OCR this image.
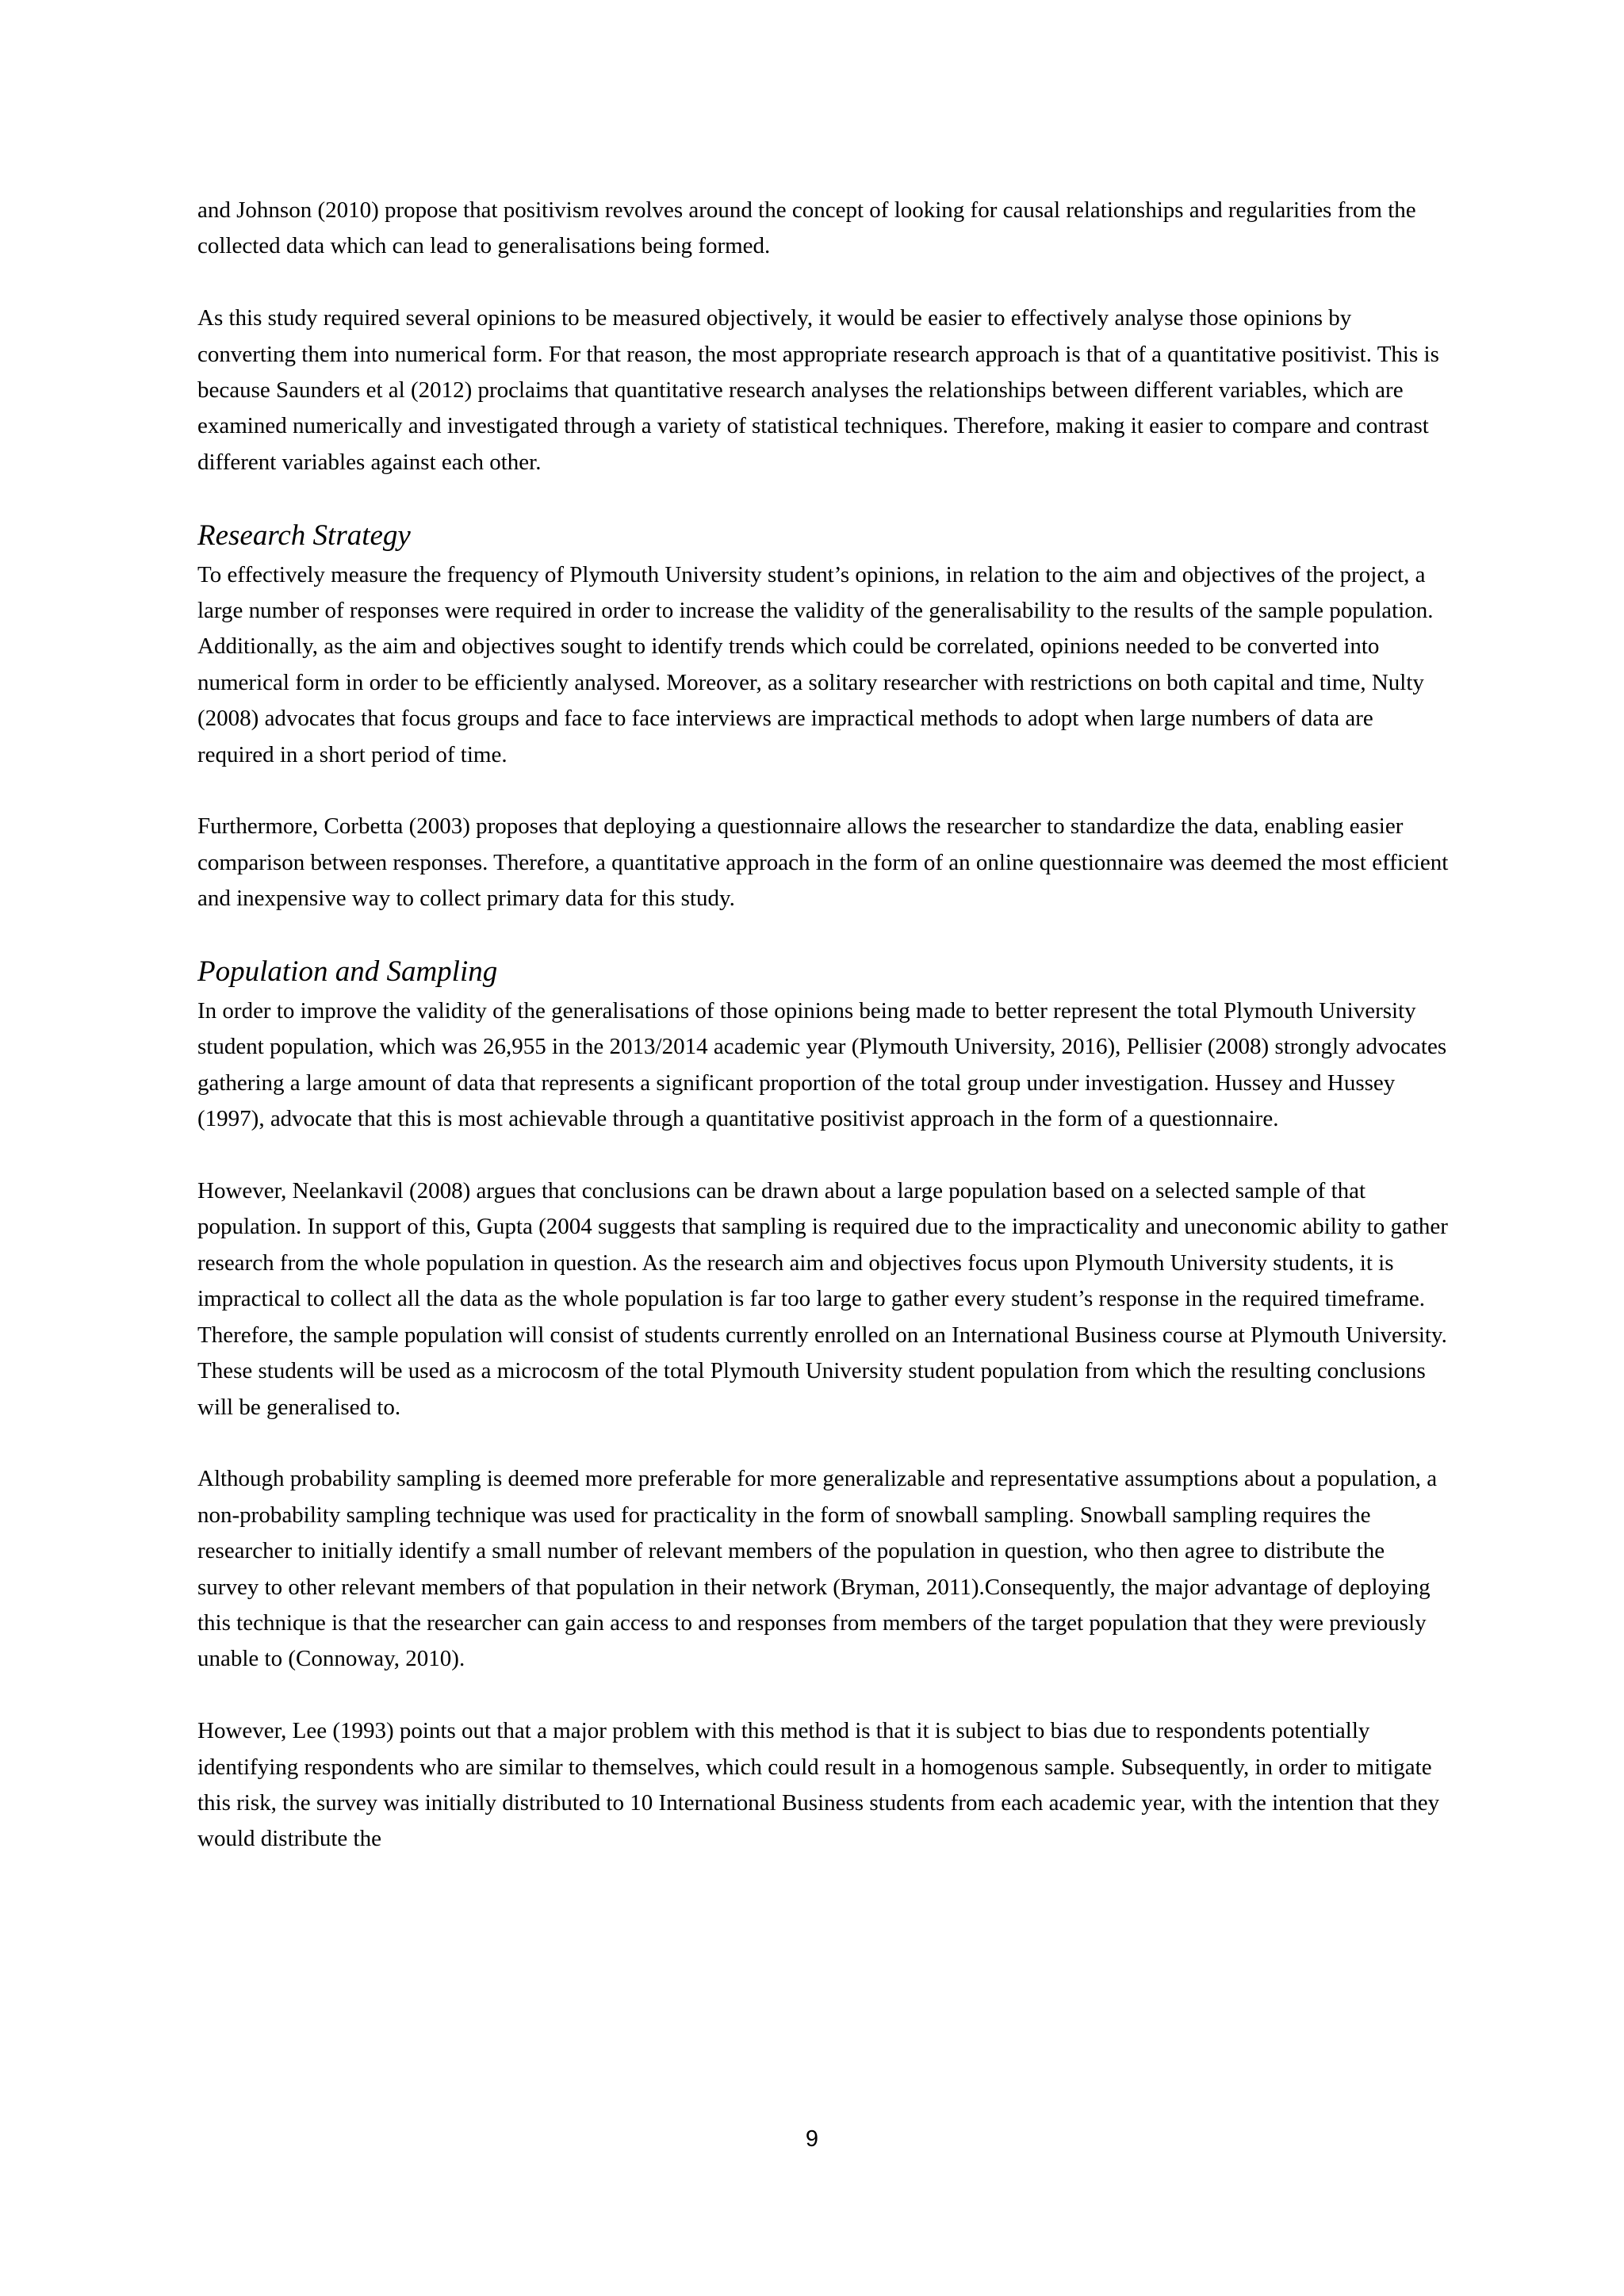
and Johnson (2010) propose that positivism revolves around the concept of looking for causal relationships and regularities from the collected data which can lead to generalisations being formed.

As this study required several opinions to be measured objectively, it would be easier to effectively analyse those opinions by converting them into numerical form. For that reason, the most appropriate research approach is that of a quantitative positivist. This is because Saunders et al (2012) proclaims that quantitative research analyses the relationships between different variables, which are examined numerically and investigated through a variety of statistical techniques. Therefore, making it easier to compare and contrast different variables against each other.

Research Strategy

To effectively measure the frequency of Plymouth University student’s opinions, in relation to the aim and objectives of the project, a large number of responses were required in order to increase the validity of the generalisability to the results of the sample population. Additionally, as the aim and objectives sought to identify trends which could be correlated, opinions needed to be converted into numerical form in order to be efficiently analysed. Moreover, as a solitary researcher with restrictions on both capital and time, Nulty (2008) advocates that focus groups and face to face interviews are impractical methods to adopt when large numbers of data are required in a short period of time.

Furthermore, Corbetta (2003) proposes that deploying a questionnaire allows the researcher to standardize the data, enabling easier comparison between responses. Therefore, a quantitative approach in the form of an online questionnaire was deemed the most efficient and inexpensive way to collect primary data for this study.

Population and Sampling

In order to improve the validity of the generalisations of those opinions being made to better represent the total Plymouth University student population, which was 26,955 in the 2013/2014 academic year (Plymouth University, 2016), Pellisier (2008) strongly advocates gathering a large amount of data that represents a significant proportion of the total group under investigation. Hussey and Hussey (1997), advocate that this is most achievable through a quantitative positivist approach in the form of a questionnaire.

However, Neelankavil (2008) argues that conclusions can be drawn about a large population based on a selected sample of that population. In support of this, Gupta (2004 suggests that sampling is required due to the impracticality and uneconomic ability to gather research from the whole population in question. As the research aim and objectives focus upon Plymouth University students, it is impractical to collect all the data as the whole population is far too large to gather every student’s response in the required timeframe. Therefore, the sample population will consist of students currently enrolled on an International Business course at Plymouth University. These students will be used as a microcosm of the total Plymouth University student population from which the resulting conclusions will be generalised to.

Although probability sampling is deemed more preferable for more generalizable and representative assumptions about a population, a non-probability sampling technique was used for practicality in the form of snowball sampling. Snowball sampling requires the researcher to initially identify a small number of relevant members of the population in question, who then agree to distribute the survey to other relevant members of that population in their network (Bryman, 2011).Consequently, the major advantage of deploying this technique is that the researcher can gain access to and responses from members of the target population that they were previously unable to (Connoway, 2010).

However, Lee (1993) points out that a major problem with this method is that it is subject to bias due to respondents potentially identifying respondents who are similar to themselves, which could result in a homogenous sample. Subsequently, in order to mitigate this risk, the survey was initially distributed to 10 International Business students from each academic year, with the intention that they would distribute the

9
